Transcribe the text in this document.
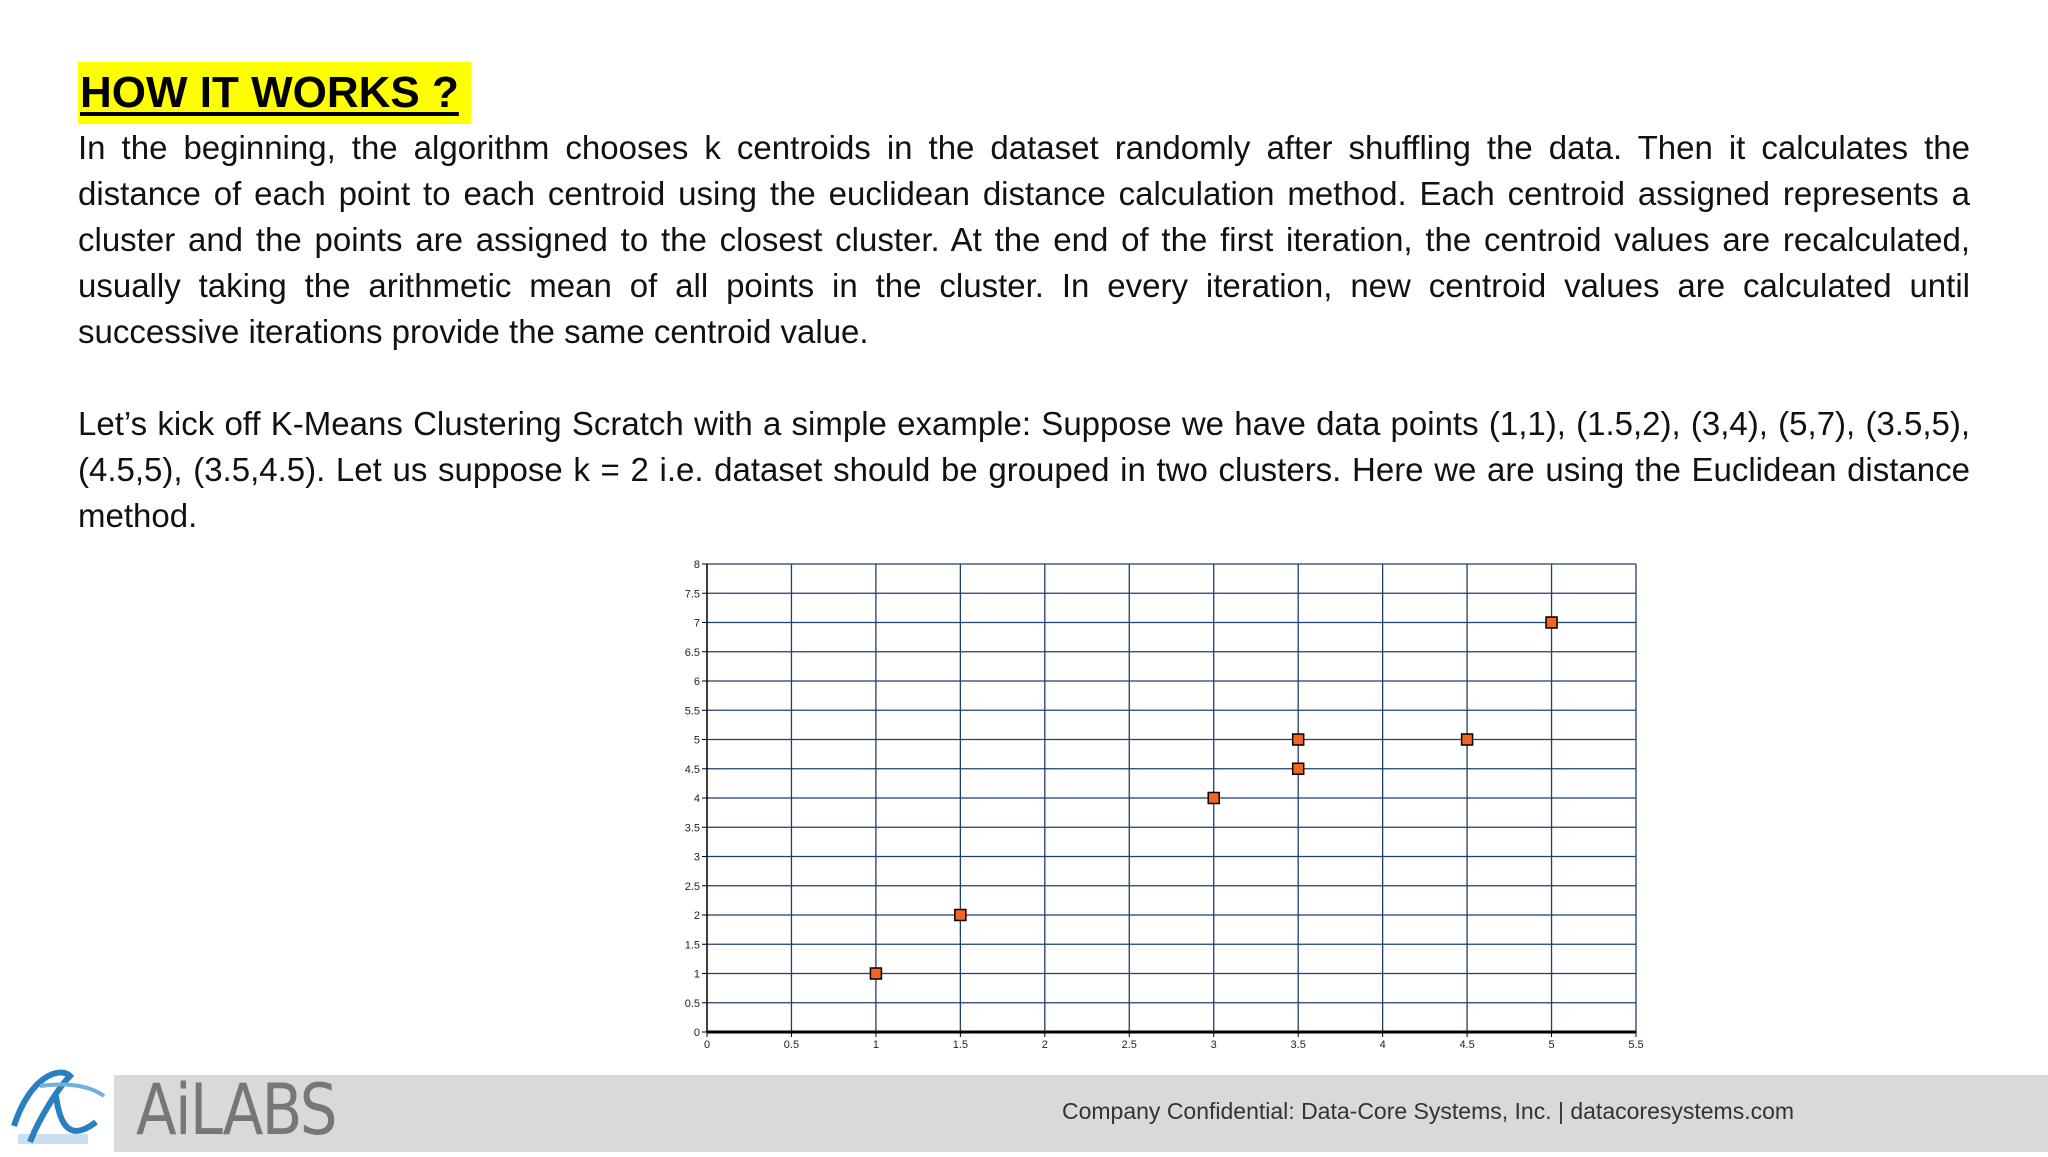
HOW IT WORKS ?

In the beginning, the algorithm chooses k centroids in the dataset randomly after shuffling the data. Then it calculates the distance of each point to each centroid using the euclidean distance calculation method. Each centroid assigned represents a cluster and the points are assigned to the closest cluster. At the end of the first iteration, the centroid values are recalculated, usually taking the arithmetic mean of all points in the cluster. In every iteration, new centroid values are calculated until successive iterations provide the same centroid value.

Let’s kick off K-Means Clustering Scratch with a simple example: Suppose we have data points (1,1), (1.5,2), (3,4), (5,7), (3.5,5), (4.5,5), (3.5,4.5). Let us suppose k = 2 i.e. dataset should be grouped in two clusters. Here we are using the Euclidean distance method.

0	0.5	1	1.5	2	2.5	3	3.5	4	4.5	5	5.5
0
0.5
1
1.5
2
2.5
3
3.5
4
4.5
5
5.5
6
6.5
7
7.5
8
AiLABS	Company Confidential: Data-Core Systems, Inc. | datacoresystems.com
